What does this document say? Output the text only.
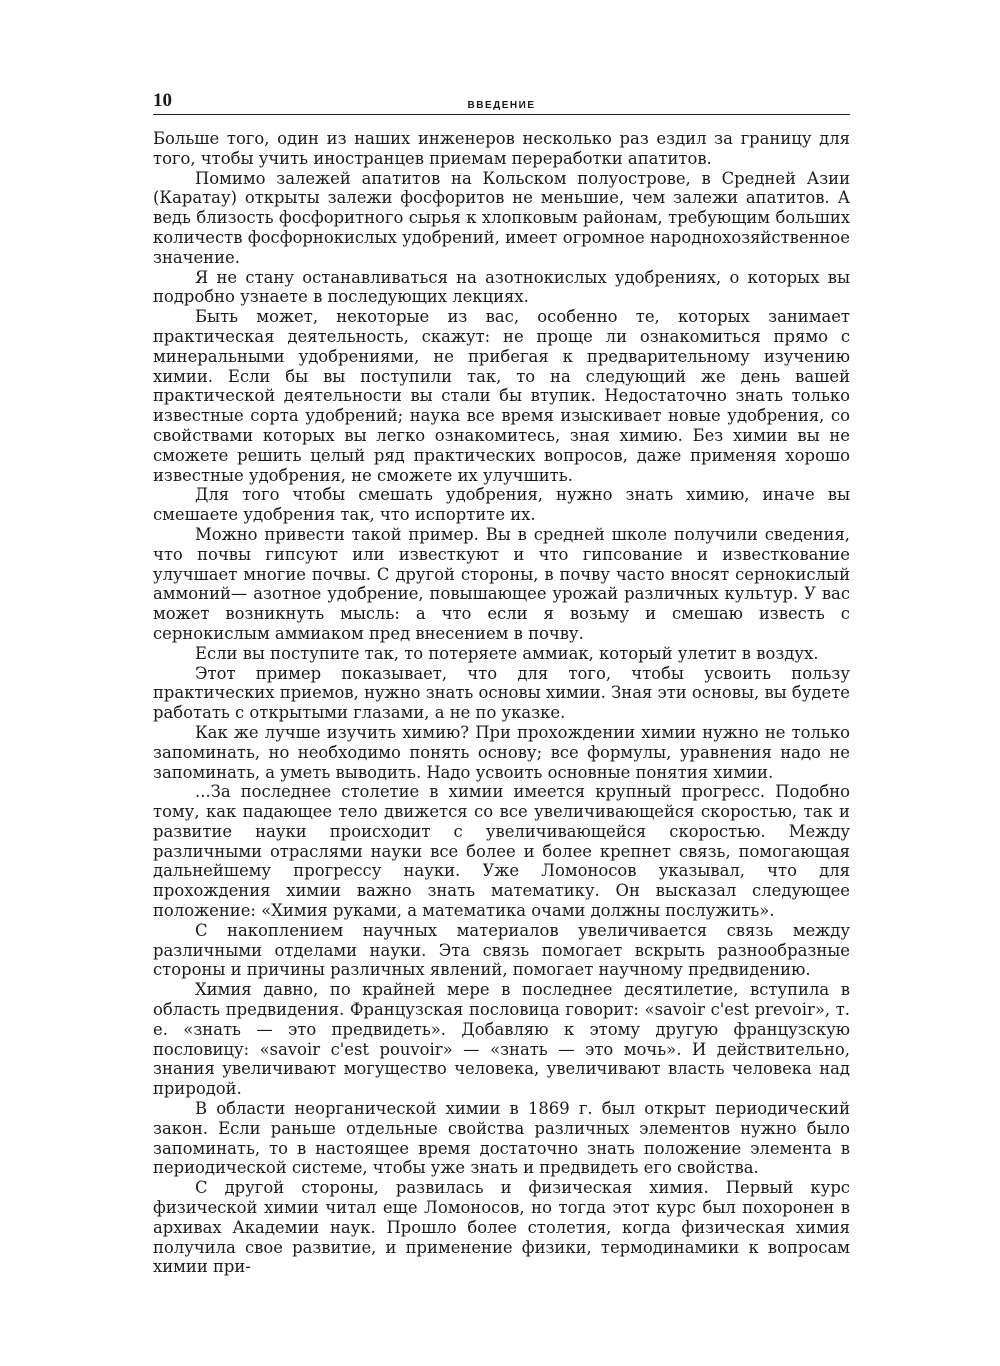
10	ВВЕДЕНИЕ

Больше того, один из наших инженеров несколько раз ездил за границу для того, чтобы учить иностранцев приемам переработки апатитов.

Помимо залежей апатитов на Кольском полуострове, в Средней Азии (Каратау) открыты залежи фосфоритов не меньшие, чем залежи апатитов. А ведь близость фосфоритного сырья к хлопковым районам, требующим больших количеств фосфорнокислых удобрений, имеет огромное народнохозяйственное значение.

Я не стану останавливаться на азотнокислых удобрениях, о которых вы подробно узнаете в последующих лекциях.

Быть может, некоторые из вас, особенно те, которых занимает практическая деятельность, скажут: не проще ли ознакомиться прямо с минеральными удобрениями, не прибегая к предварительному изучению химии. Если бы вы поступили так, то на следующий же день вашей практической деятельности вы стали бы втупик. Недостаточно знать только известные сорта удобрений; наука все время изыскивает новые удобрения, со свойствами которых вы легко ознакомитесь, зная химию. Без химии вы не сможете решить целый ряд практических вопросов, даже применяя хорошо известные удобрения, не сможете их улучшить.

Для того чтобы смешать удобрения, нужно знать химию, иначе вы смешаете удобрения так, что испортите их.

Можно привести такой пример. Вы в средней школе получили сведения, что почвы гипсуют или известкуют и что гипсование и известкование улучшает многие почвы. С другой стороны, в почву часто вносят сернокислый аммоний— азотное удобрение, повышающее урожай различных культур. У вас может возникнуть мысль: а что если я возьму и смешаю известь с сернокислым аммиаком пред внесением в почву.

Если вы поступите так, то потеряете аммиак, который улетит в воздух.

Этот пример показывает, что для того, чтобы усвоить пользу практических приемов, нужно знать основы химии. Зная эти основы, вы будете работать с открытыми глазами, а не по указке.

Как же лучше изучить химию? При прохождении химии нужно не только запоминать, но необходимо понять основу; все формулы, уравнения надо не запоминать, а уметь выводить. Надо усвоить основные понятия химии.

...За последнее столетие в химии имеется крупный прогресс. Подобно тому, как падающее тело движется со все увеличивающейся скоростью, так и развитие науки происходит с увеличивающейся скоростью. Между различными отраслями науки все более и более крепнет связь, помогающая дальнейшему прогрессу науки. Уже Ломоносов указывал, что для прохождения химии важно знать математику. Он высказал следующее положение: «Химия руками, а математика очами должны послужить».

С накоплением научных материалов увеличивается связь между различными отделами науки. Эта связь помогает вскрыть разнообразные стороны и причины различных явлений, помогает научному предвидению.

Химия давно, по крайней мере в последнее десятилетие, вступила в область предвидения. Французская пословица говорит: «savoir c'est prevoir», т. е. «знать — это предвидеть». Добавляю к этому другую французскую пословицу: «savoir c'est pouvoir» — «знать — это мочь». И действительно, знания увеличивают могущество человека, увеличивают власть человека над природой.

В области неорганической химии в 1869 г. был открыт периодический закон. Если раньше отдельные свойства различных элементов нужно было запоминать, то в настоящее время достаточно знать положение элемента в периодической системе, чтобы уже знать и предвидеть его свойства.

С другой стороны, развилась и физическая химия. Первый курс физической химии читал еще Ломоносов, но тогда этот курс был похоронен в архивах Академии наук. Прошло более столетия, когда физическая химия получила свое развитие, и применение физики, термодинамики к вопросам химии при-
